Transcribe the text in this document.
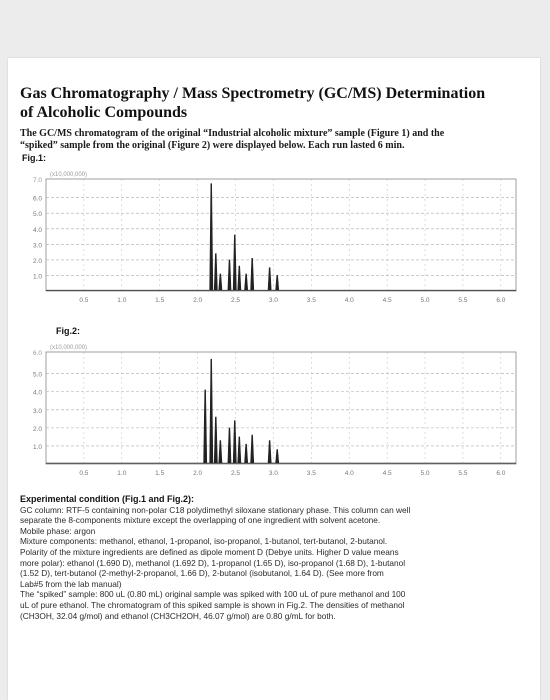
Gas Chromatography / Mass Spectrometry (GC/MS) Determination
of Alcoholic Compounds
The GC/MS chromatogram of the original “Industrial alcoholic mixture” sample (Figure 1) and the
“spiked” sample from the original (Figure 2) were displayed below. Each run lasted 6 min.
Fig.1:
6.0
5.0
4.0
3.0
2.0
1.0
7.0
(x10,000,000)
0.5	1.0	1.5	2.0	2.5	3.0	3.5	4.0	4.5	5.0	5.5	6.0
Fig.2:
5.0
4.0
3.0
2.0
1.0
6.0
(x10,000,000)
0.5	1.0	1.5	2.0	2.5	3.0	3.5	4.0	4.5	5.0	5.5	6.0

Experimental condition (Fig.1 and Fig.2):

GC column: RTF-5 containing non-polar C18 polydimethyl siloxane stationary phase. This column can well

separate the 8-components mixture except the overlapping of one ingredient with solvent acetone.

Mobile phase: argon

Mixture components: methanol, ethanol, 1-propanol, iso-propanol, 1-butanol, tert-butanol, 2-butanol.

Polarity of the mixture ingredients are defined as dipole moment D (Debye units. Higher D value means

more polar): ethanol (1.690 D), methanol (1.692 D), 1-propanol (1.65 D), iso-propanol (1.68 D), 1-butanol

(1.52 D), tert-butanol (2-methyl-2-propanol, 1.66 D), 2-butanol (isobutanol, 1.64 D). (See more from

Lab#5 from the lab manual)

The “spiked” sample: 800 uL (0.80 mL) original sample was spiked with 100 uL of pure methanol and 100

uL of pure ethanol. The chromatogram of this spiked sample is shown in Fig.2. The densities of methanol

(CH3OH, 32.04 g/mol) and ethanol (CH3CH2OH, 46.07 g/mol) are 0.80 g/mL for both.
